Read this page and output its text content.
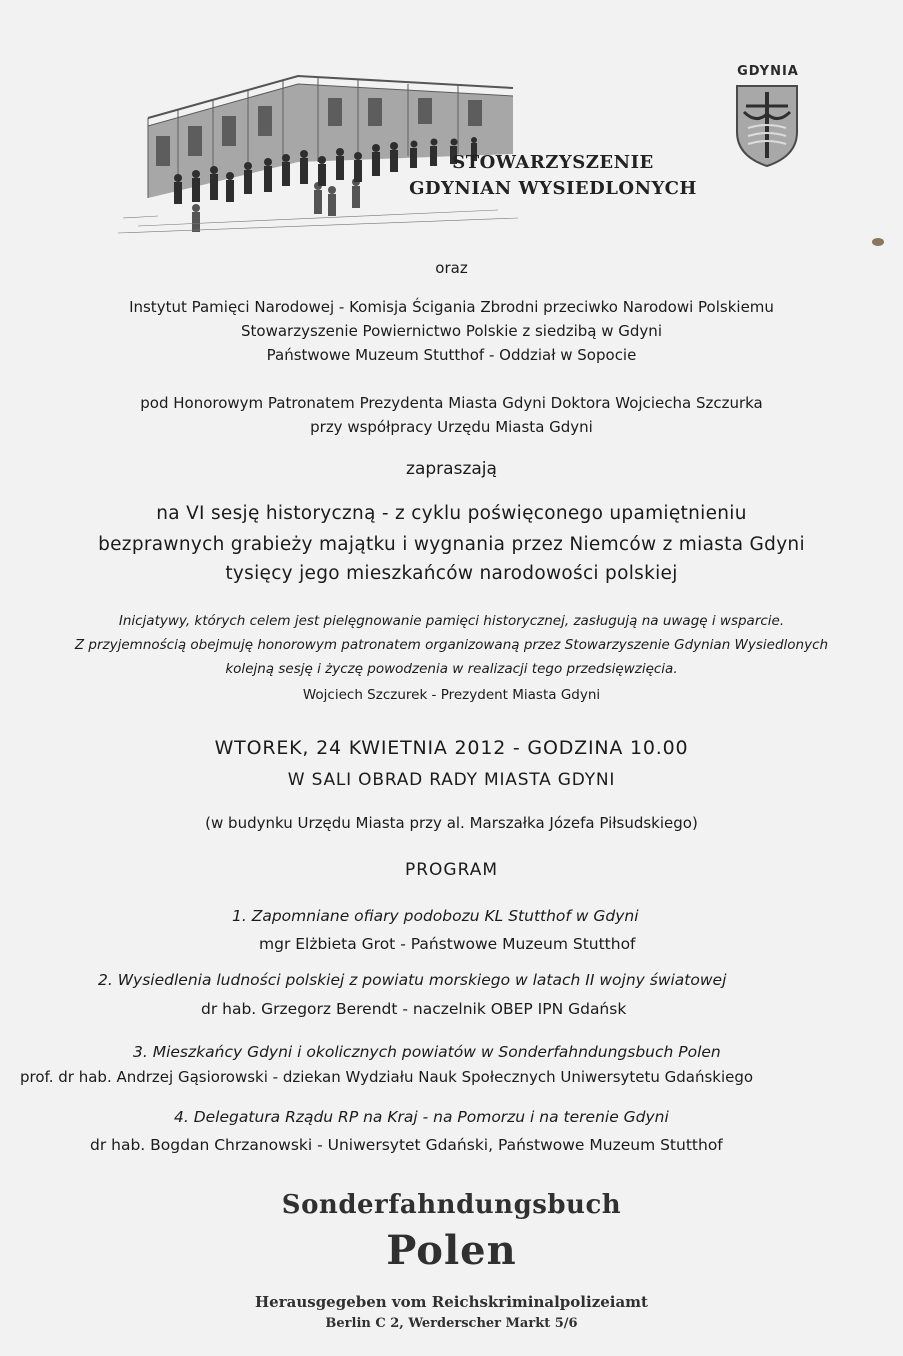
GDYNIA
STOWARZYSZENIE
GDYNIAN WYSIEDLONYCH
oraz
Instytut Pamięci Narodowej - Komisja Ścigania Zbrodni przeciwko Narodowi Polskiemu
Stowarzyszenie Powiernictwo Polskie z siedzibą w Gdyni
Państwowe Muzeum Stutthof - Oddział w Sopocie
pod Honorowym Patronatem Prezydenta Miasta Gdyni Doktora Wojciecha Szczurka
przy współpracy Urzędu Miasta Gdyni
zapraszają
na VI sesję historyczną - z cyklu poświęconego upamiętnieniu
bezprawnych grabieży majątku i wygnania przez Niemców z miasta Gdyni
tysięcy jego mieszkańców narodowości polskiej
Inicjatywy, których celem jest pielęgnowanie pamięci historycznej, zasługują na uwagę i wsparcie.
Z przyjemnością obejmuję honorowym patronatem organizowaną przez Stowarzyszenie Gdynian Wysiedlonych
kolejną sesję i życzę powodzenia w realizacji tego przedsięwzięcia.
Wojciech Szczurek - Prezydent Miasta Gdyni
WTOREK, 24 KWIETNIA 2012 - GODZINA 10.00
W SALI OBRAD RADY MIASTA GDYNI
(w budynku Urzędu Miasta przy al. Marszałka Józefa Piłsudskiego)
PROGRAM
1. Zapomniane ofiary podobozu KL Stutthof w Gdyni
mgr Elżbieta Grot - Państwowe Muzeum Stutthof
2. Wysiedlenia ludności polskiej z powiatu morskiego w latach II wojny światowej
dr hab. Grzegorz Berendt - naczelnik OBEP IPN Gdańsk
3. Mieszkańcy Gdyni i okolicznych powiatów w Sonderfahndungsbuch Polen
prof. dr hab. Andrzej Gąsiorowski - dziekan Wydziału Nauk Społecznych Uniwersytetu Gdańskiego
4. Delegatura Rządu RP na Kraj - na Pomorzu i na terenie Gdyni
dr hab. Bogdan Chrzanowski - Uniwersytet Gdański, Państwowe Muzeum Stutthof
Sonderfahndungsbuch
Polen
Herausgegeben vom Reichskriminalpolizeiamt
Berlin C 2, Werderscher Markt 5/6
